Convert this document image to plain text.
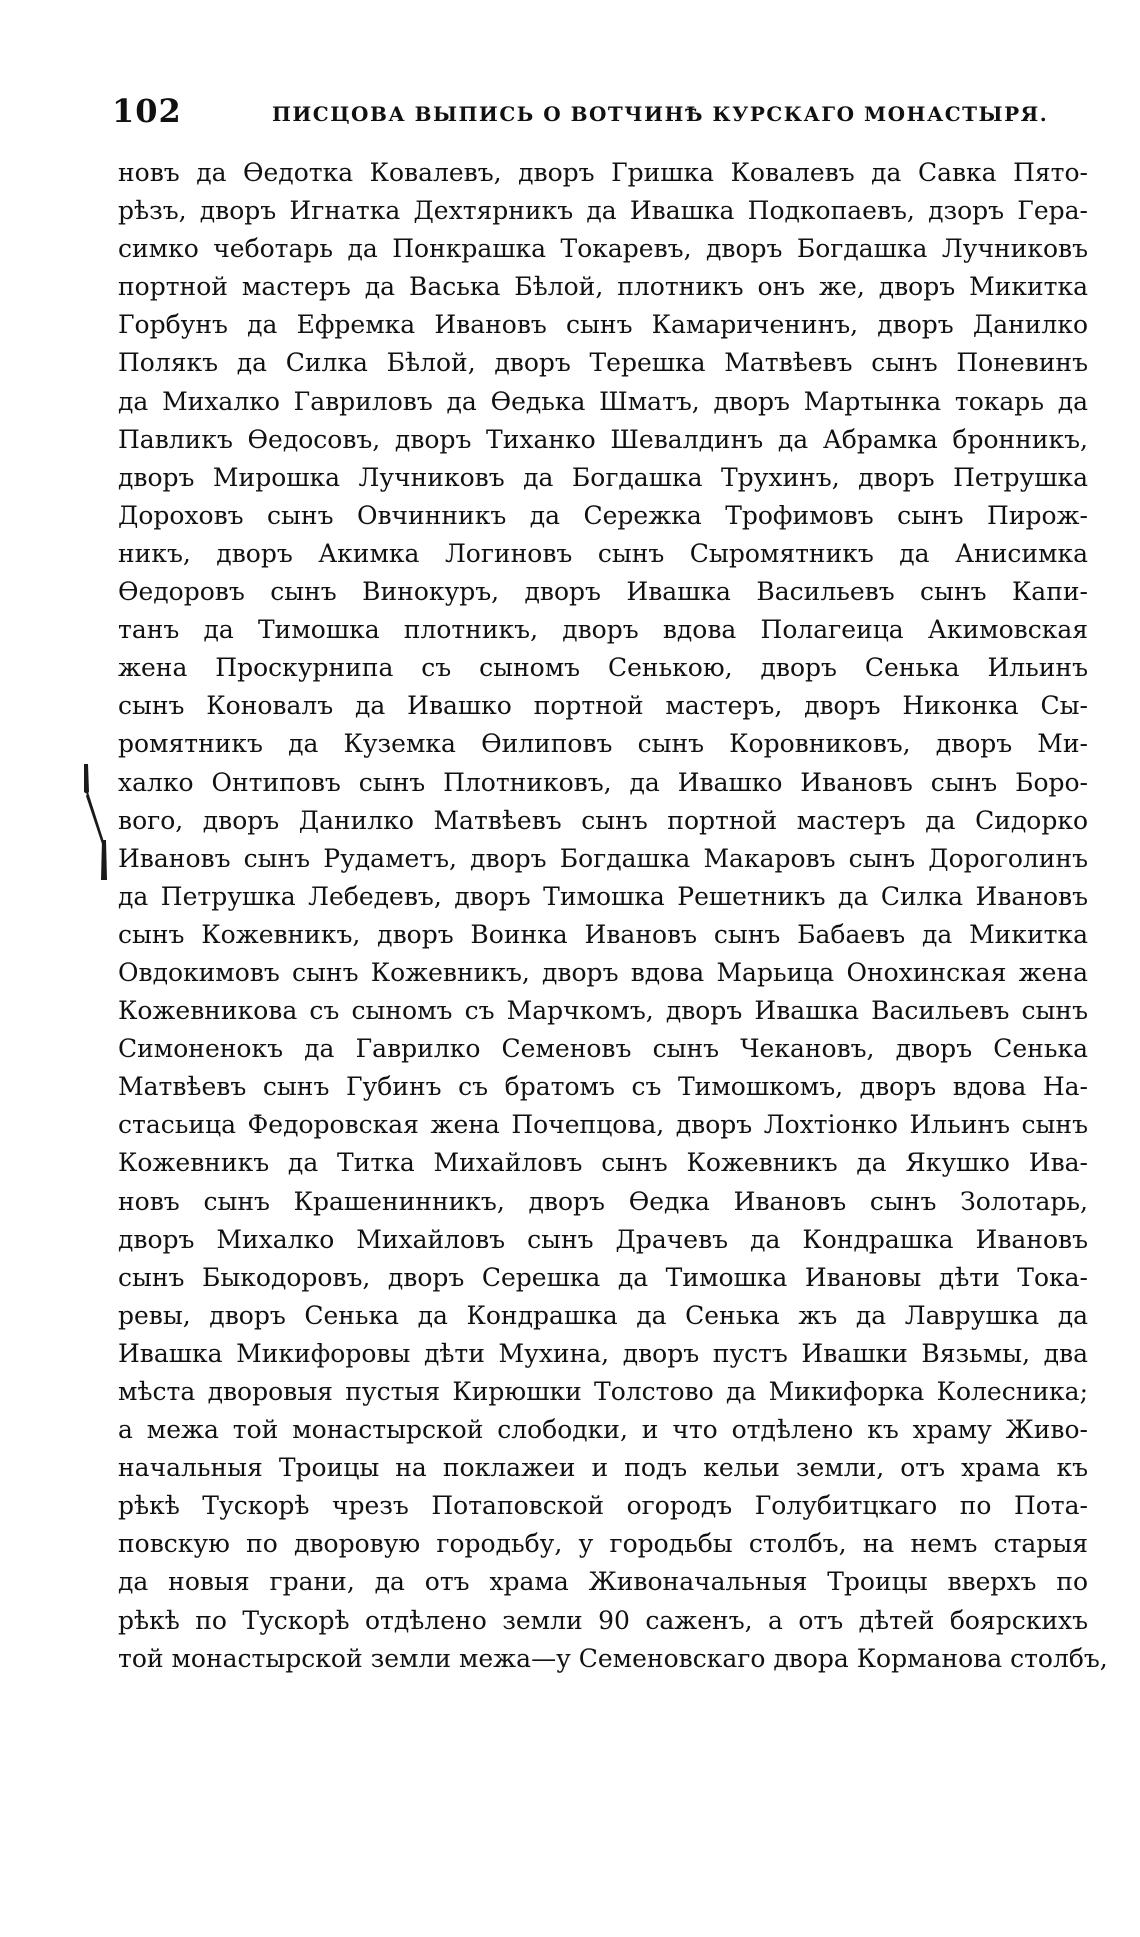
102	ПИСЦОВА ВЫПИСЬ О ВОТЧИНѢ КУРСКАГО МОНАСТЫРЯ.
новъ да Ѳедотка Ковалевъ, дворъ Гришка Ковалевъ да Савка Пято-
рѣзъ, дворъ Игнатка Дехтярникъ да Ивашка Подкопаевъ, дзоръ Гера-
симко чеботарь да Понкрашка Токаревъ, дворъ Богдашка Лучниковъ
портной мастеръ да Васька Бѣлой, плотникъ онъ же, дворъ Микитка
Горбунъ да Ефремка Ивановъ сынъ Камариченинъ, дворъ Данилко
Полякъ да Силка Бѣлой, дворъ Терешка Матвѣевъ сынъ Поневинъ
да Михалко Гавриловъ да Ѳедька Шматъ, дворъ Мартынка токарь да
Павликъ Ѳедосовъ, дворъ Тиханко Шевалдинъ да Абрамка бронникъ,
дворъ Мирошка Лучниковъ да Богдашка Трухинъ, дворъ Петрушка
Дороховъ сынъ Овчинникъ да Сережка Трофимовъ сынъ Пирож-
никъ, дворъ Акимка Логиновъ сынъ Сыромятникъ да Анисимка
Ѳедоровъ сынъ Винокуръ, дворъ Ивашка Васильевъ сынъ Капи-
танъ да Тимошка плотникъ, дворъ вдова Полагеица Акимовская
жена Проскурнипа съ сыномъ Сенькою, дворъ Сенька Ильинъ
сынъ Коновалъ да Ивашко портной мастеръ, дворъ Никонка Сы-
ромятникъ да Куземка Ѳилиповъ сынъ Коровниковъ, дворъ Ми-
халко Онтиповъ сынъ Плотниковъ, да Ивашко Ивановъ сынъ Боро-
вого, дворъ Данилко Матвѣевъ сынъ портной мастеръ да Сидорко
Ивановъ сынъ Рудаметъ, дворъ Богдашка Макаровъ сынъ Дороголинъ
да Петрушка Лебедевъ, дворъ Тимошка Решетникъ да Силка Ивановъ
сынъ Кожевникъ, дворъ Воинка Ивановъ сынъ Бабаевъ да Микитка
Овдокимовъ сынъ Кожевникъ, дворъ вдова Марьица Онохинская жена
Кожевникова съ сыномъ съ Марчкомъ, дворъ Ивашка Васильевъ сынъ
Симоненокъ да Гаврилко Семеновъ сынъ Чекановъ, дворъ Сенька
Матвѣевъ сынъ Губинъ съ братомъ съ Тимошкомъ, дворъ вдова На-
стасьица Федоровская жена Почепцова, дворъ Лохтіонко Ильинъ сынъ
Кожевникъ да Титка Михайловъ сынъ Кожевникъ да Якушко Ива-
новъ сынъ Крашенинникъ, дворъ Ѳедка Ивановъ сынъ Золотарь,
дворъ Михалко Михайловъ сынъ Драчевъ да Кондрашка Ивановъ
сынъ Быкодоровъ, дворъ Серешка да Тимошка Ивановы дѣти Тока-
ревы, дворъ Сенька да Кондрашка да Сенька жъ да Лаврушка да
Ивашка Микифоровы дѣти Мухина, дворъ пустъ Ивашки Вязьмы, два
мѣста дворовыя пустыя Кирюшки Толстово да Микифорка Колесника;
а межа той монастырской слободки, и что отдѣлено къ храму Живо-
начальныя Троицы на поклажеи и подъ кельи земли, отъ храма къ
рѣкѣ Тускорѣ чрезъ Потаповской огородъ Голубитцкаго по Пота-
повскую по дворовую городьбу, у городьбы столбъ, на немъ старыя
да новыя грани, да отъ храма Живоначальныя Троицы вверхъ по
рѣкѣ по Тускорѣ отдѣлено земли 90 саженъ, а отъ дѣтей боярскихъ
той монастырской земли межа—у Семеновскаго двора Корманова столбъ,
